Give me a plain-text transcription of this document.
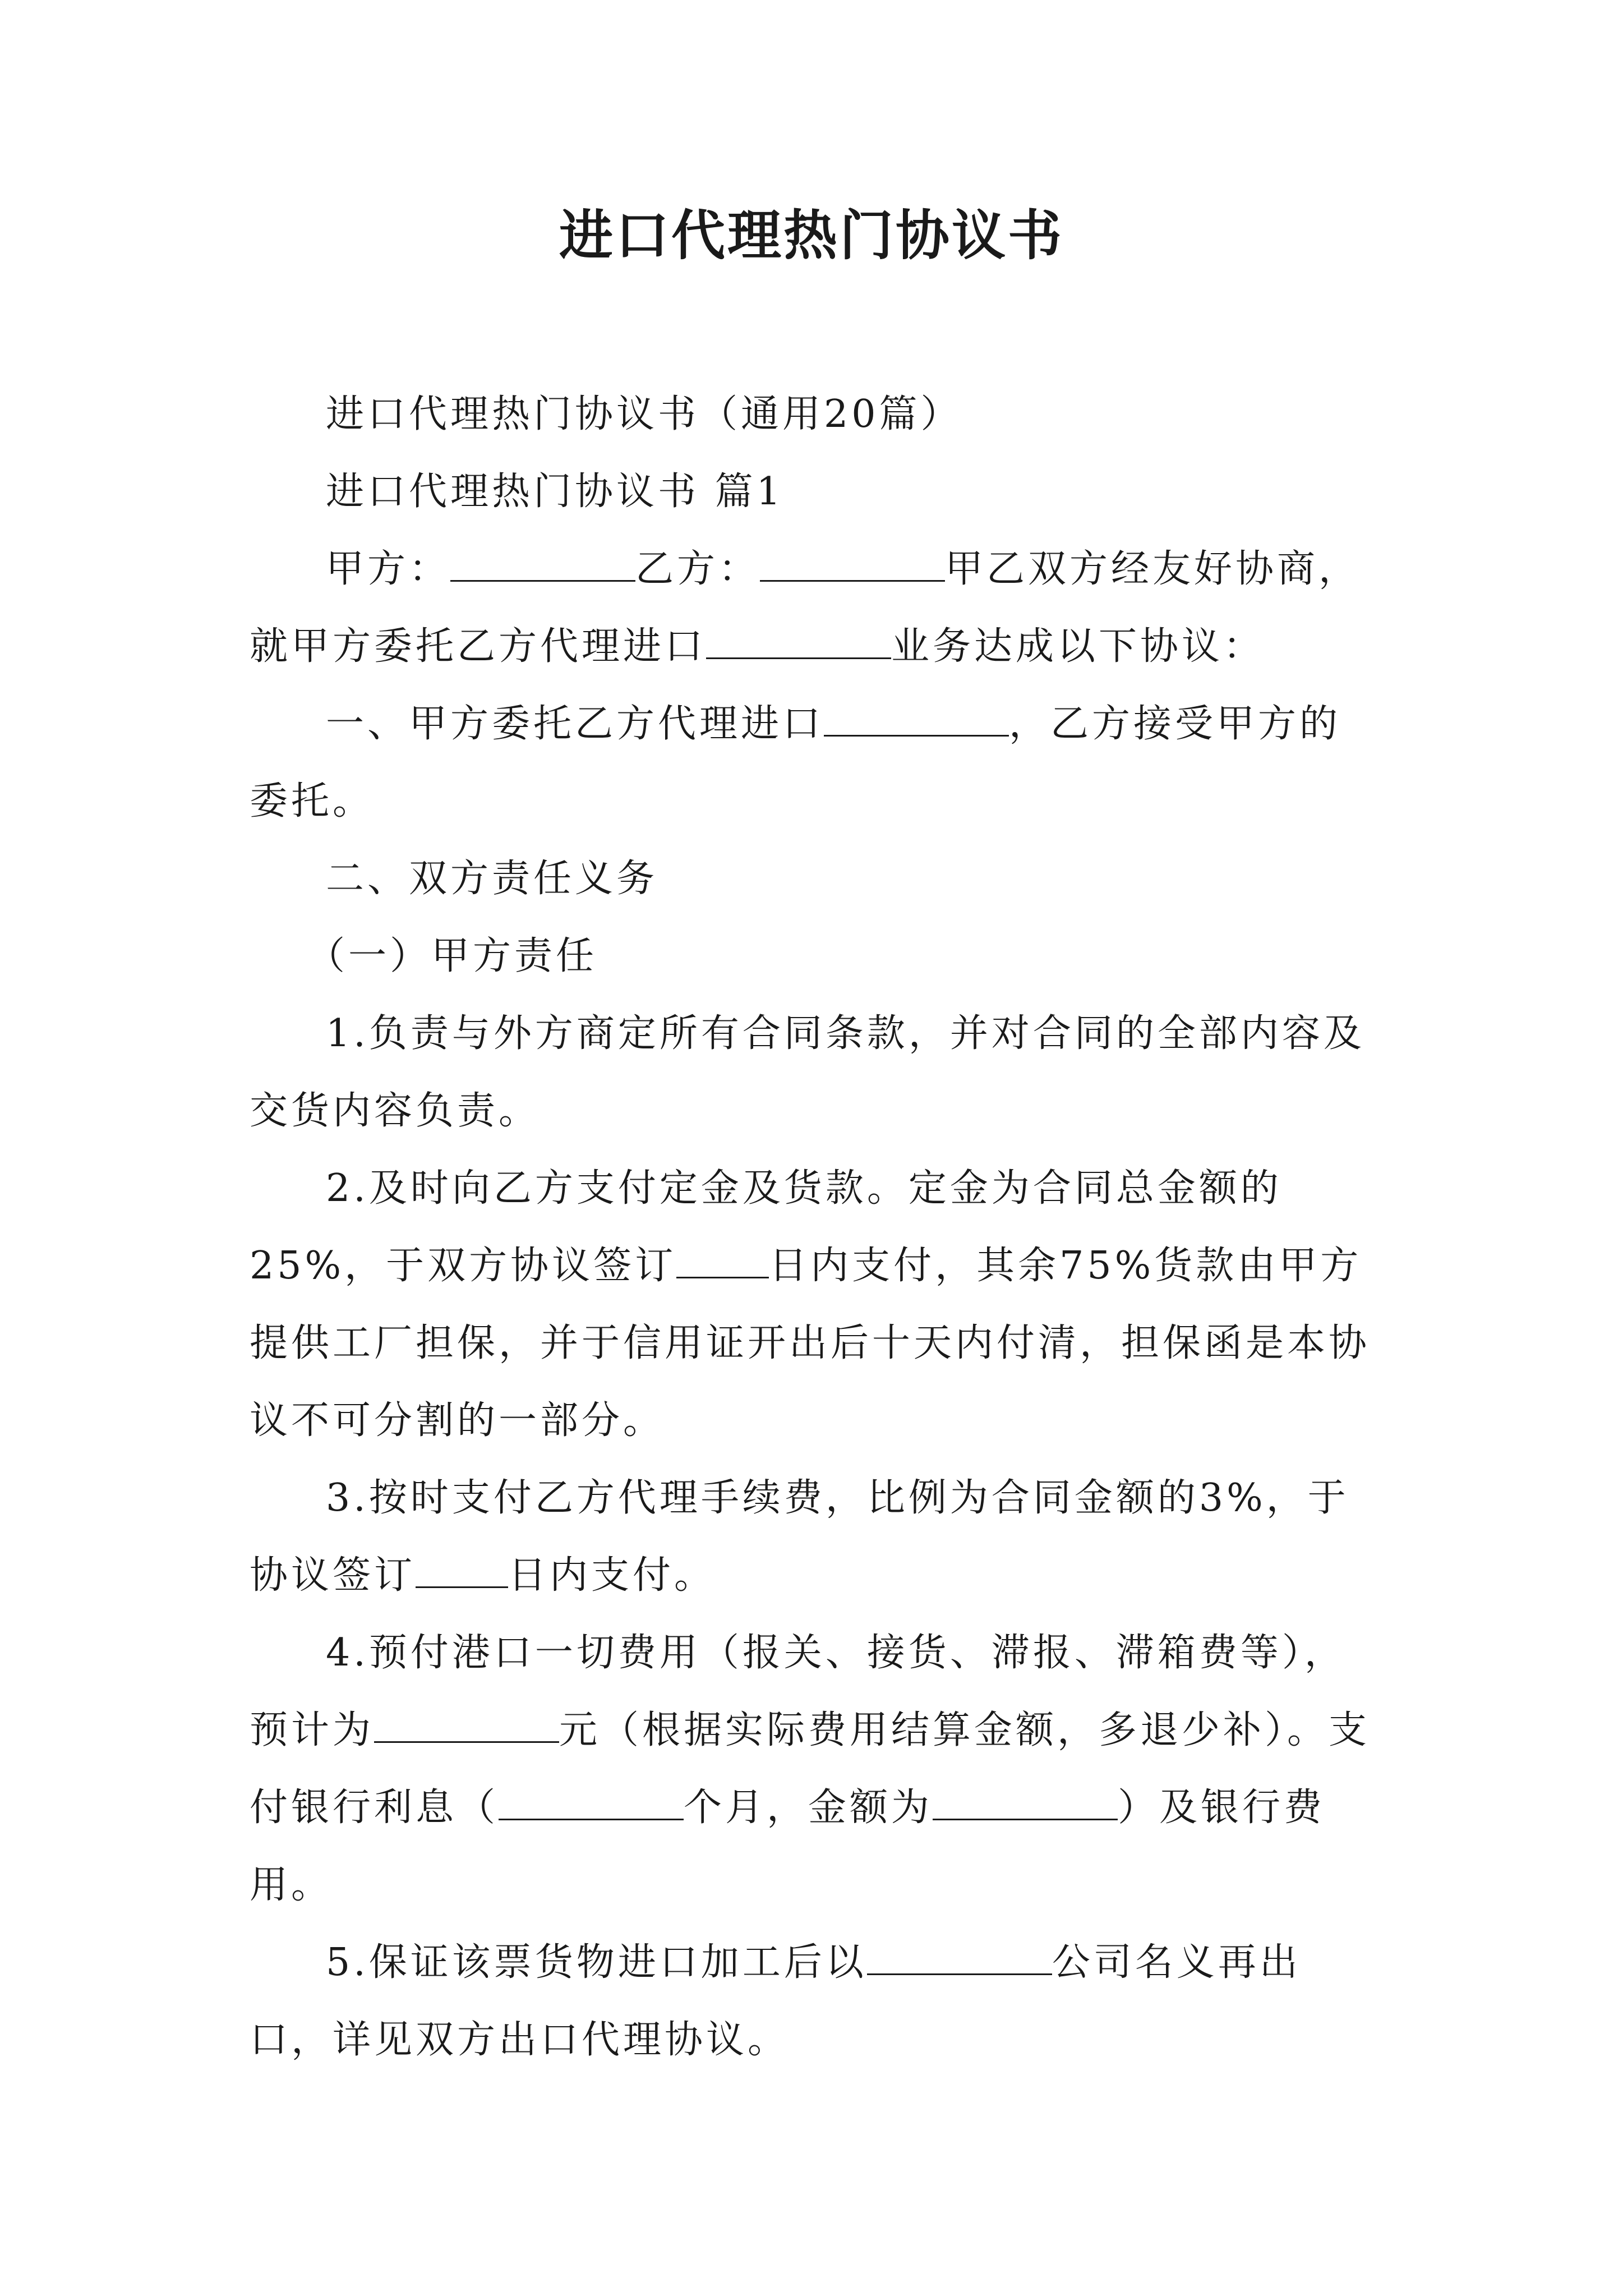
进口代理热门协议书

进口代理热门协议书（通用20篇）

进口代理热门协议书 篇1

甲方：	乙方：	甲乙双方经友好协商，就甲方委托乙方代理进口	业务达成以下协议：

一、甲方委托乙方代理进口	，乙方接受甲方的委托。

二、双方责任义务

（一）甲方责任

1.负责与外方商定所有合同条款，并对合同的全部内容及交货内容负责。

2.及时向乙方支付定金及货款。定金为合同总金额的25%，于双方协议签订 日内支付，其余75%货款由甲方提供工厂担保，并于信用证开出后十天内付清，担保函是本协议不可分割的一部分。

3.按时支付乙方代理手续费，比例为合同金额的3%，于协议签订 日内支付。

4.预付港口一切费用（报关、接货、滞报、滞箱费等），预计为	元（根据实际费用结算金额，多退少补）。支付银行利息（	个月，金额为	）及银行费用。

5.保证该票货物进口加工后以	公司名义再出口，详见双方出口代理协议。
